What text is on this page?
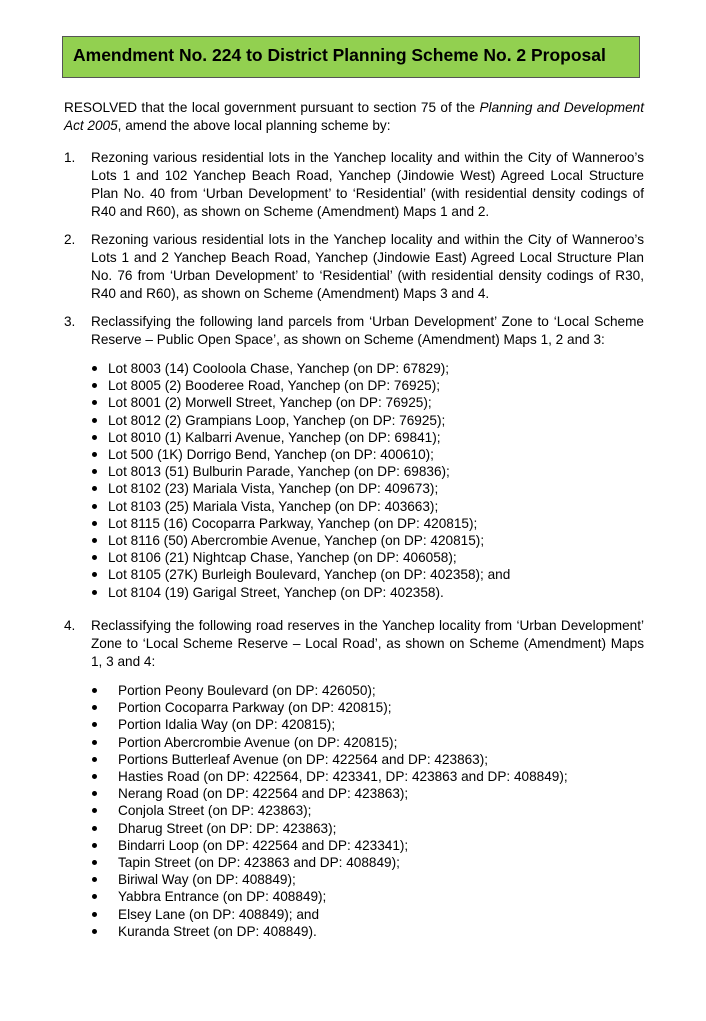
Amendment No. 224 to District Planning Scheme No. 2 Proposal

RESOLVED that the local government pursuant to section 75 of the Planning and Development Act 2005, amend the above local planning scheme by:

1. Rezoning various residential lots in the Yanchep locality and within the City of Wanneroo’s Lots 1 and 102 Yanchep Beach Road, Yanchep (Jindowie West) Agreed Local Structure Plan No. 40 from ‘Urban Development’ to ‘Residential’ (with residential density codings of R40 and R60), as shown on Scheme (Amendment) Maps 1 and 2.
2. Rezoning various residential lots in the Yanchep locality and within the City of Wanneroo’s Lots 1 and 2 Yanchep Beach Road, Yanchep (Jindowie East) Agreed Local Structure Plan No. 76 from ‘Urban Development’ to ‘Residential’ (with residential density codings of R30, R40 and R60), as shown on Scheme (Amendment) Maps 3 and 4.
3. Reclassifying the following land parcels from ‘Urban Development’ Zone to ‘Local Scheme Reserve – Public Open Space’, as shown on Scheme (Amendment) Maps 1, 2 and 3:
Lot 8003 (14) Cooloola Chase, Yanchep (on DP: 67829);
Lot 8005 (2) Booderee Road, Yanchep (on DP: 76925);
Lot 8001 (2) Morwell Street, Yanchep (on DP: 76925);
Lot 8012 (2) Grampians Loop, Yanchep (on DP: 76925);
Lot 8010 (1) Kalbarri Avenue, Yanchep (on DP: 69841);
Lot 500 (1K) Dorrigo Bend, Yanchep (on DP: 400610);
Lot 8013 (51) Bulburin Parade, Yanchep (on DP: 69836);
Lot 8102 (23) Mariala Vista, Yanchep (on DP: 409673);
Lot 8103 (25) Mariala Vista, Yanchep (on DP: 403663);
Lot 8115 (16) Cocoparra Parkway, Yanchep (on DP: 420815);
Lot 8116 (50) Abercrombie Avenue, Yanchep (on DP: 420815);
Lot 8106 (21) Nightcap Chase, Yanchep (on DP: 406058);
Lot 8105 (27K) Burleigh Boulevard, Yanchep (on DP: 402358); and
Lot 8104 (19) Garigal Street, Yanchep (on DP: 402358).
4. Reclassifying the following road reserves in the Yanchep locality from ‘Urban Development’ Zone to ‘Local Scheme Reserve – Local Road’, as shown on Scheme (Amendment) Maps 1, 3 and 4:
Portion Peony Boulevard (on DP: 426050);
Portion Cocoparra Parkway (on DP: 420815);
Portion Idalia Way (on DP: 420815);
Portion Abercrombie Avenue (on DP: 420815);
Portions Butterleaf Avenue (on DP: 422564 and DP: 423863);
Hasties Road (on DP: 422564, DP: 423341, DP: 423863 and DP: 408849);
Nerang Road (on DP: 422564 and DP: 423863);
Conjola Street (on DP: 423863);
Dharug Street (on DP: DP: 423863);
Bindarri Loop (on DP: 422564 and DP: 423341);
Tapin Street (on DP: 423863 and DP: 408849);
Biriwal Way (on DP: 408849);
Yabbra Entrance (on DP: 408849);
Elsey Lane (on DP: 408849); and
Kuranda Street (on DP: 408849).
